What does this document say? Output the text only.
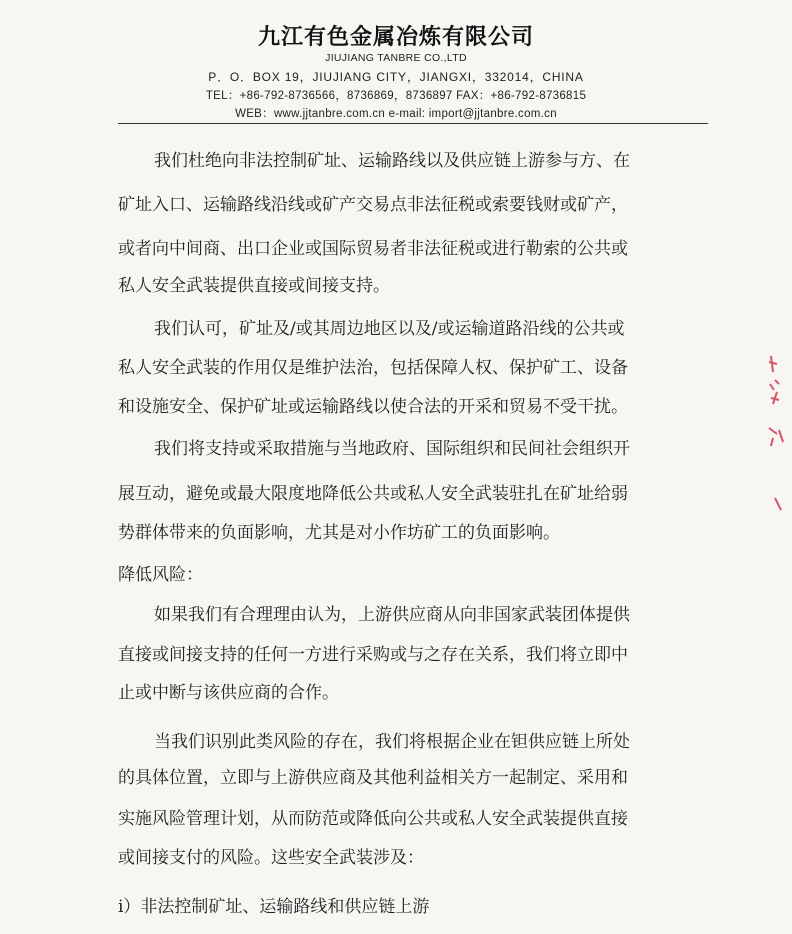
九江有色金属冶炼有限公司
JIUJIANG TANBRE CO.,LTD
P．O．BOX 19，JIUJIANG CITY，JIANGXI，332014，CHINA
TEL：+86-792-8736566，8736869，8736897 FAX：+86-792-8736815
WEB：www.jjtanbre.com.cn e-mail: import@jjtanbre.com.cn
我们杜绝向非法控制矿址、运输路线以及供应链上游参与方、在
矿址入口、运输路线沿线或矿产交易点非法征税或索要钱财或矿产，
或者向中间商、出口企业或国际贸易者非法征税或进行勒索的公共或
私人安全武装提供直接或间接支持。
我们认可，矿址及/或其周边地区以及/或运输道路沿线的公共或
私人安全武装的作用仅是维护法治，包括保障人权、保护矿工、设备
和设施安全、保护矿址或运输路线以使合法的开采和贸易不受干扰。
我们将支持或采取措施与当地政府、国际组织和民间社会组织开
展互动，避免或最大限度地降低公共或私人安全武装驻扎在矿址给弱
势群体带来的负面影响，尤其是对小作坊矿工的负面影响。
降低风险：
如果我们有合理理由认为，上游供应商从向非国家武装团体提供
直接或间接支持的任何一方进行采购或与之存在关系，我们将立即中
止或中断与该供应商的合作。
当我们识别此类风险的存在，我们将根据企业在钽供应链上所处
的具体位置，立即与上游供应商及其他利益相关方一起制定、采用和
实施风险管理计划，从而防范或降低向公共或私人安全武装提供直接
或间接支付的风险。这些安全武装涉及：
i）非法控制矿址、运输路线和供应链上游
